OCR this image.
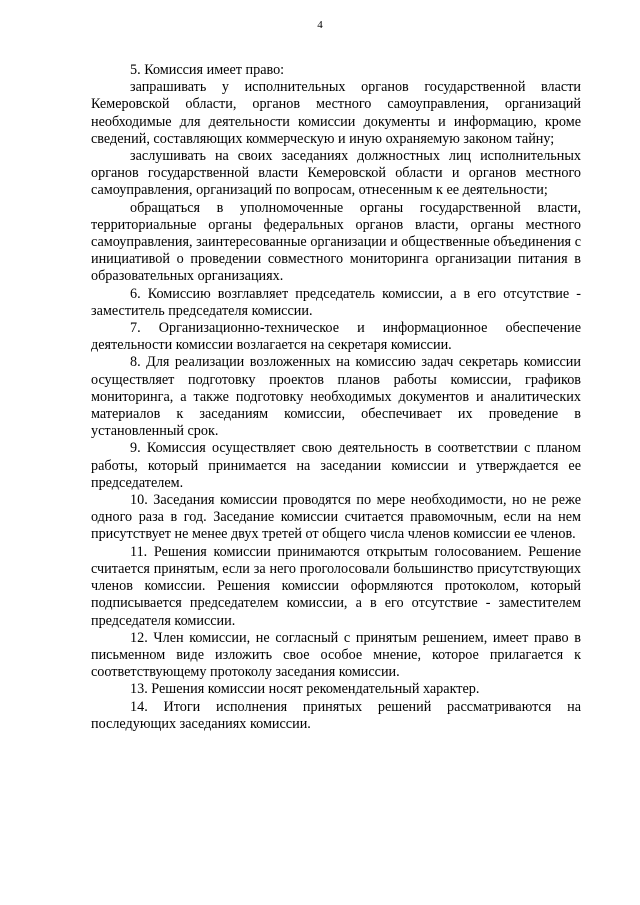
4

5. Комиссия имеет право:

запрашивать у исполнительных органов государственной власти Кемеровской области, органов местного самоуправления, организаций необходимые для деятельности комиссии документы и информацию, кроме сведений, составляющих коммерческую и иную охраняемую законом тайну;

заслушивать на своих заседаниях должностных лиц исполнительных органов государственной власти Кемеровской области и органов местного самоуправления, организаций по вопросам, отнесенным к ее деятельности;

обращаться в уполномоченные органы государственной власти, территориальные органы федеральных органов власти, органы местного самоуправления, заинтересованные организации и общественные объединения с инициативой о проведении совместного мониторинга организации питания в образовательных организациях.

6. Комиссию возглавляет председатель комиссии, а в его отсутствие - заместитель председателя комиссии.

7. Организационно-техническое и информационное обеспечение деятельности комиссии возлагается на секретаря комиссии.

8. Для реализации возложенных на комиссию задач секретарь комиссии осуществляет подготовку проектов планов работы комиссии, графиков мониторинга, а также подготовку необходимых документов и аналитических материалов к заседаниям комиссии, обеспечивает их проведение в установленный срок.

9. Комиссия осуществляет свою деятельность в соответствии с планом работы, который принимается на заседании комиссии и утверждается ее председателем.

10. Заседания комиссии проводятся по мере необходимости, но не реже одного раза в год. Заседание комиссии считается правомочным, если на нем присутствует не менее двух третей от общего числа членов комиссии ее членов.

11. Решения комиссии принимаются открытым голосованием. Решение считается принятым, если за него проголосовали большинство присутствующих членов комиссии. Решения комиссии оформляются протоколом, который подписывается председателем комиссии, а в его отсутствие - заместителем председателя комиссии.

12. Член комиссии, не согласный с принятым решением, имеет право в письменном виде изложить свое особое мнение, которое прилагается к соответствующему протоколу заседания комиссии.

13. Решения комиссии носят рекомендательный характер.

14. Итоги исполнения принятых решений рассматриваются на последующих заседаниях комиссии.
